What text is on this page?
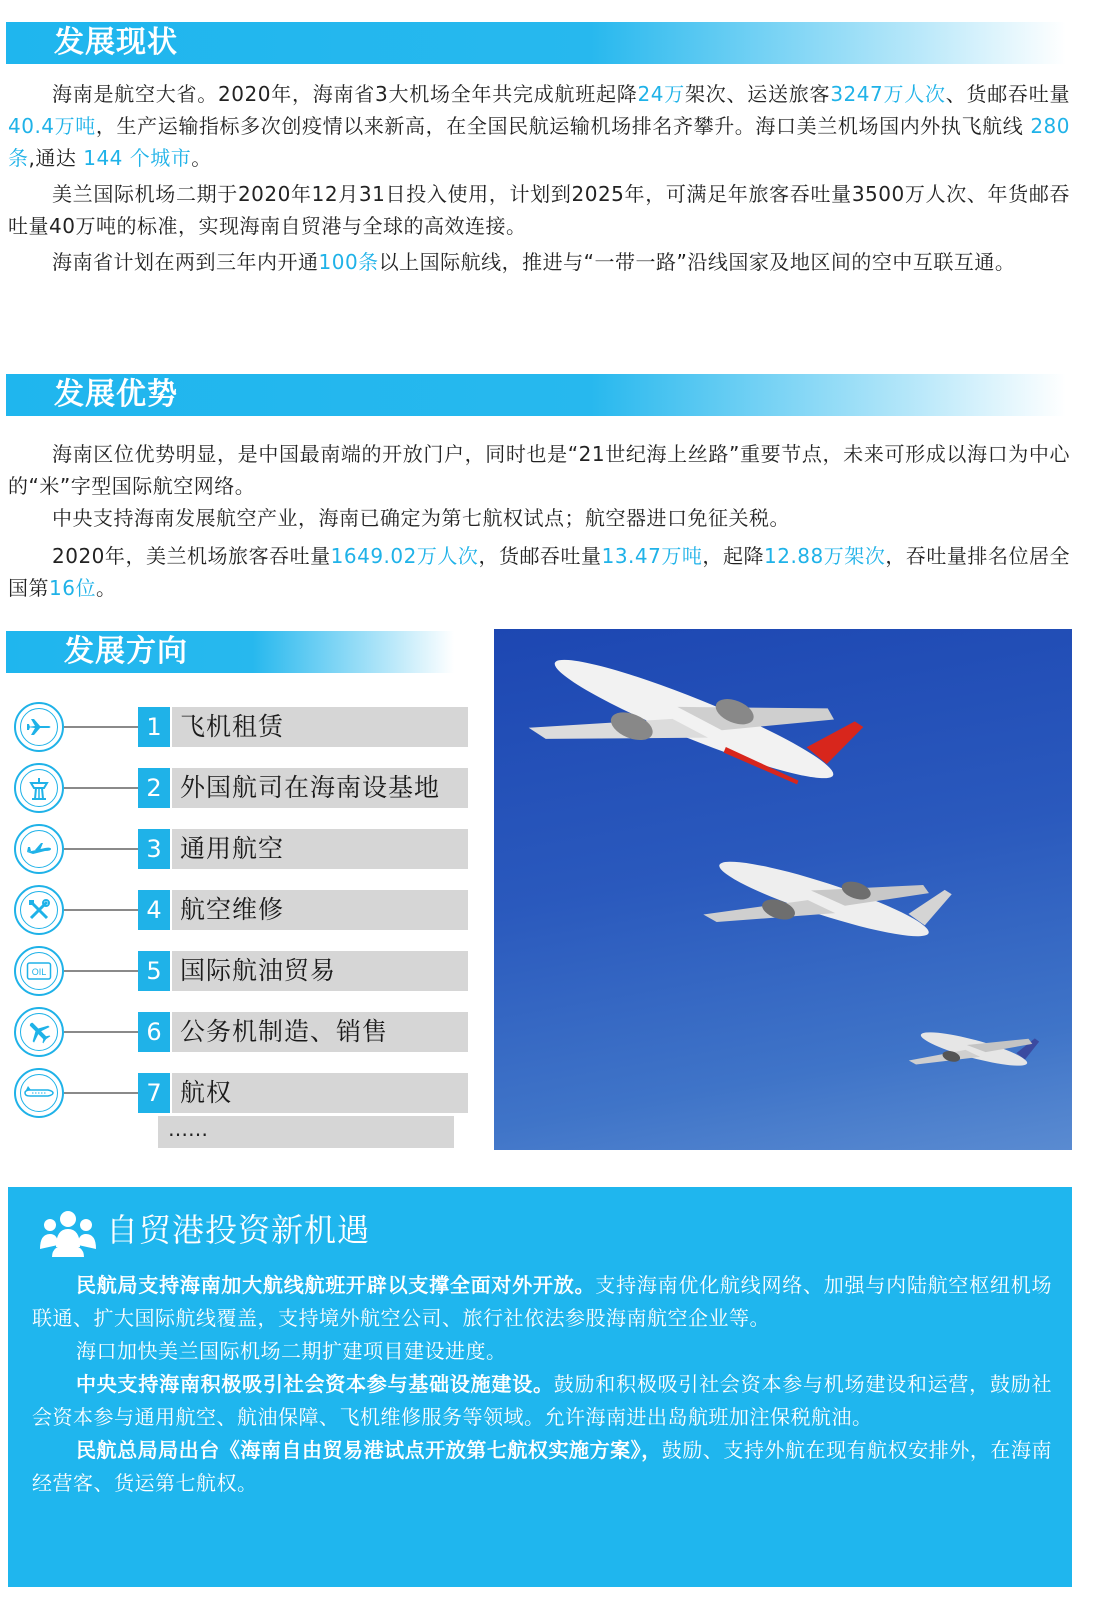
发展现状

海南是航空大省。2020年，海南省3大机场全年共完成航班起降24万架次、运送旅客3247万人次、货邮吞吐量40.4万吨，生产运输指标多次创疫情以来新高，在全国民航运输机场排名齐攀升。海口美兰机场国内外执飞航线 280 条,通达 144 个城市。

美兰国际机场二期于2020年12月31日投入使用，计划到2025年，可满足年旅客吞吐量3500万人次、年货邮吞吐量40万吨的标准，实现海南自贸港与全球的高效连接。

海南省计划在两到三年内开通100条以上国际航线，推进与“一带一路”沿线国家及地区间的空中互联互通。

发展优势

海南区位优势明显，是中国最南端的开放门户，同时也是“21世纪海上丝路”重要节点，未来可形成以海口为中心的“米”字型国际航空网络。

中央支持海南发展航空产业，海南已确定为第七航权试点；航空器进口免征关税。

2020年，美兰机场旅客吞吐量1649.02万人次，货邮吞吐量13.47万吨，起降12.88万架次，吞吐量排名位居全国第16位。

发展方向
1 飞机租赁
2 外国航司在海南设基地
3 通用航空
4 航空维修
OIL	5 国际航油贸易
6 公务机制造、销售
7 航权
……
自贸港投资新机遇

民航局支持海南加大航线航班开辟以支撑全面对外开放。支持海南优化航线网络、加强与内陆航空枢纽机场联通、扩大国际航线覆盖，支持境外航空公司、旅行社依法参股海南航空企业等。
海口加快美兰国际机场二期扩建项目建设进度。
中央支持海南积极吸引社会资本参与基础设施建设。鼓励和积极吸引社会资本参与机场建设和运营，鼓励社会资本参与通用航空、航油保障、飞机维修服务等领域。允许海南进出岛航班加注保税航油。
民航总局局出台《海南自由贸易港试点开放第七航权实施方案》，鼓励、支持外航在现有航权安排外，在海南经营客、货运第七航权。
